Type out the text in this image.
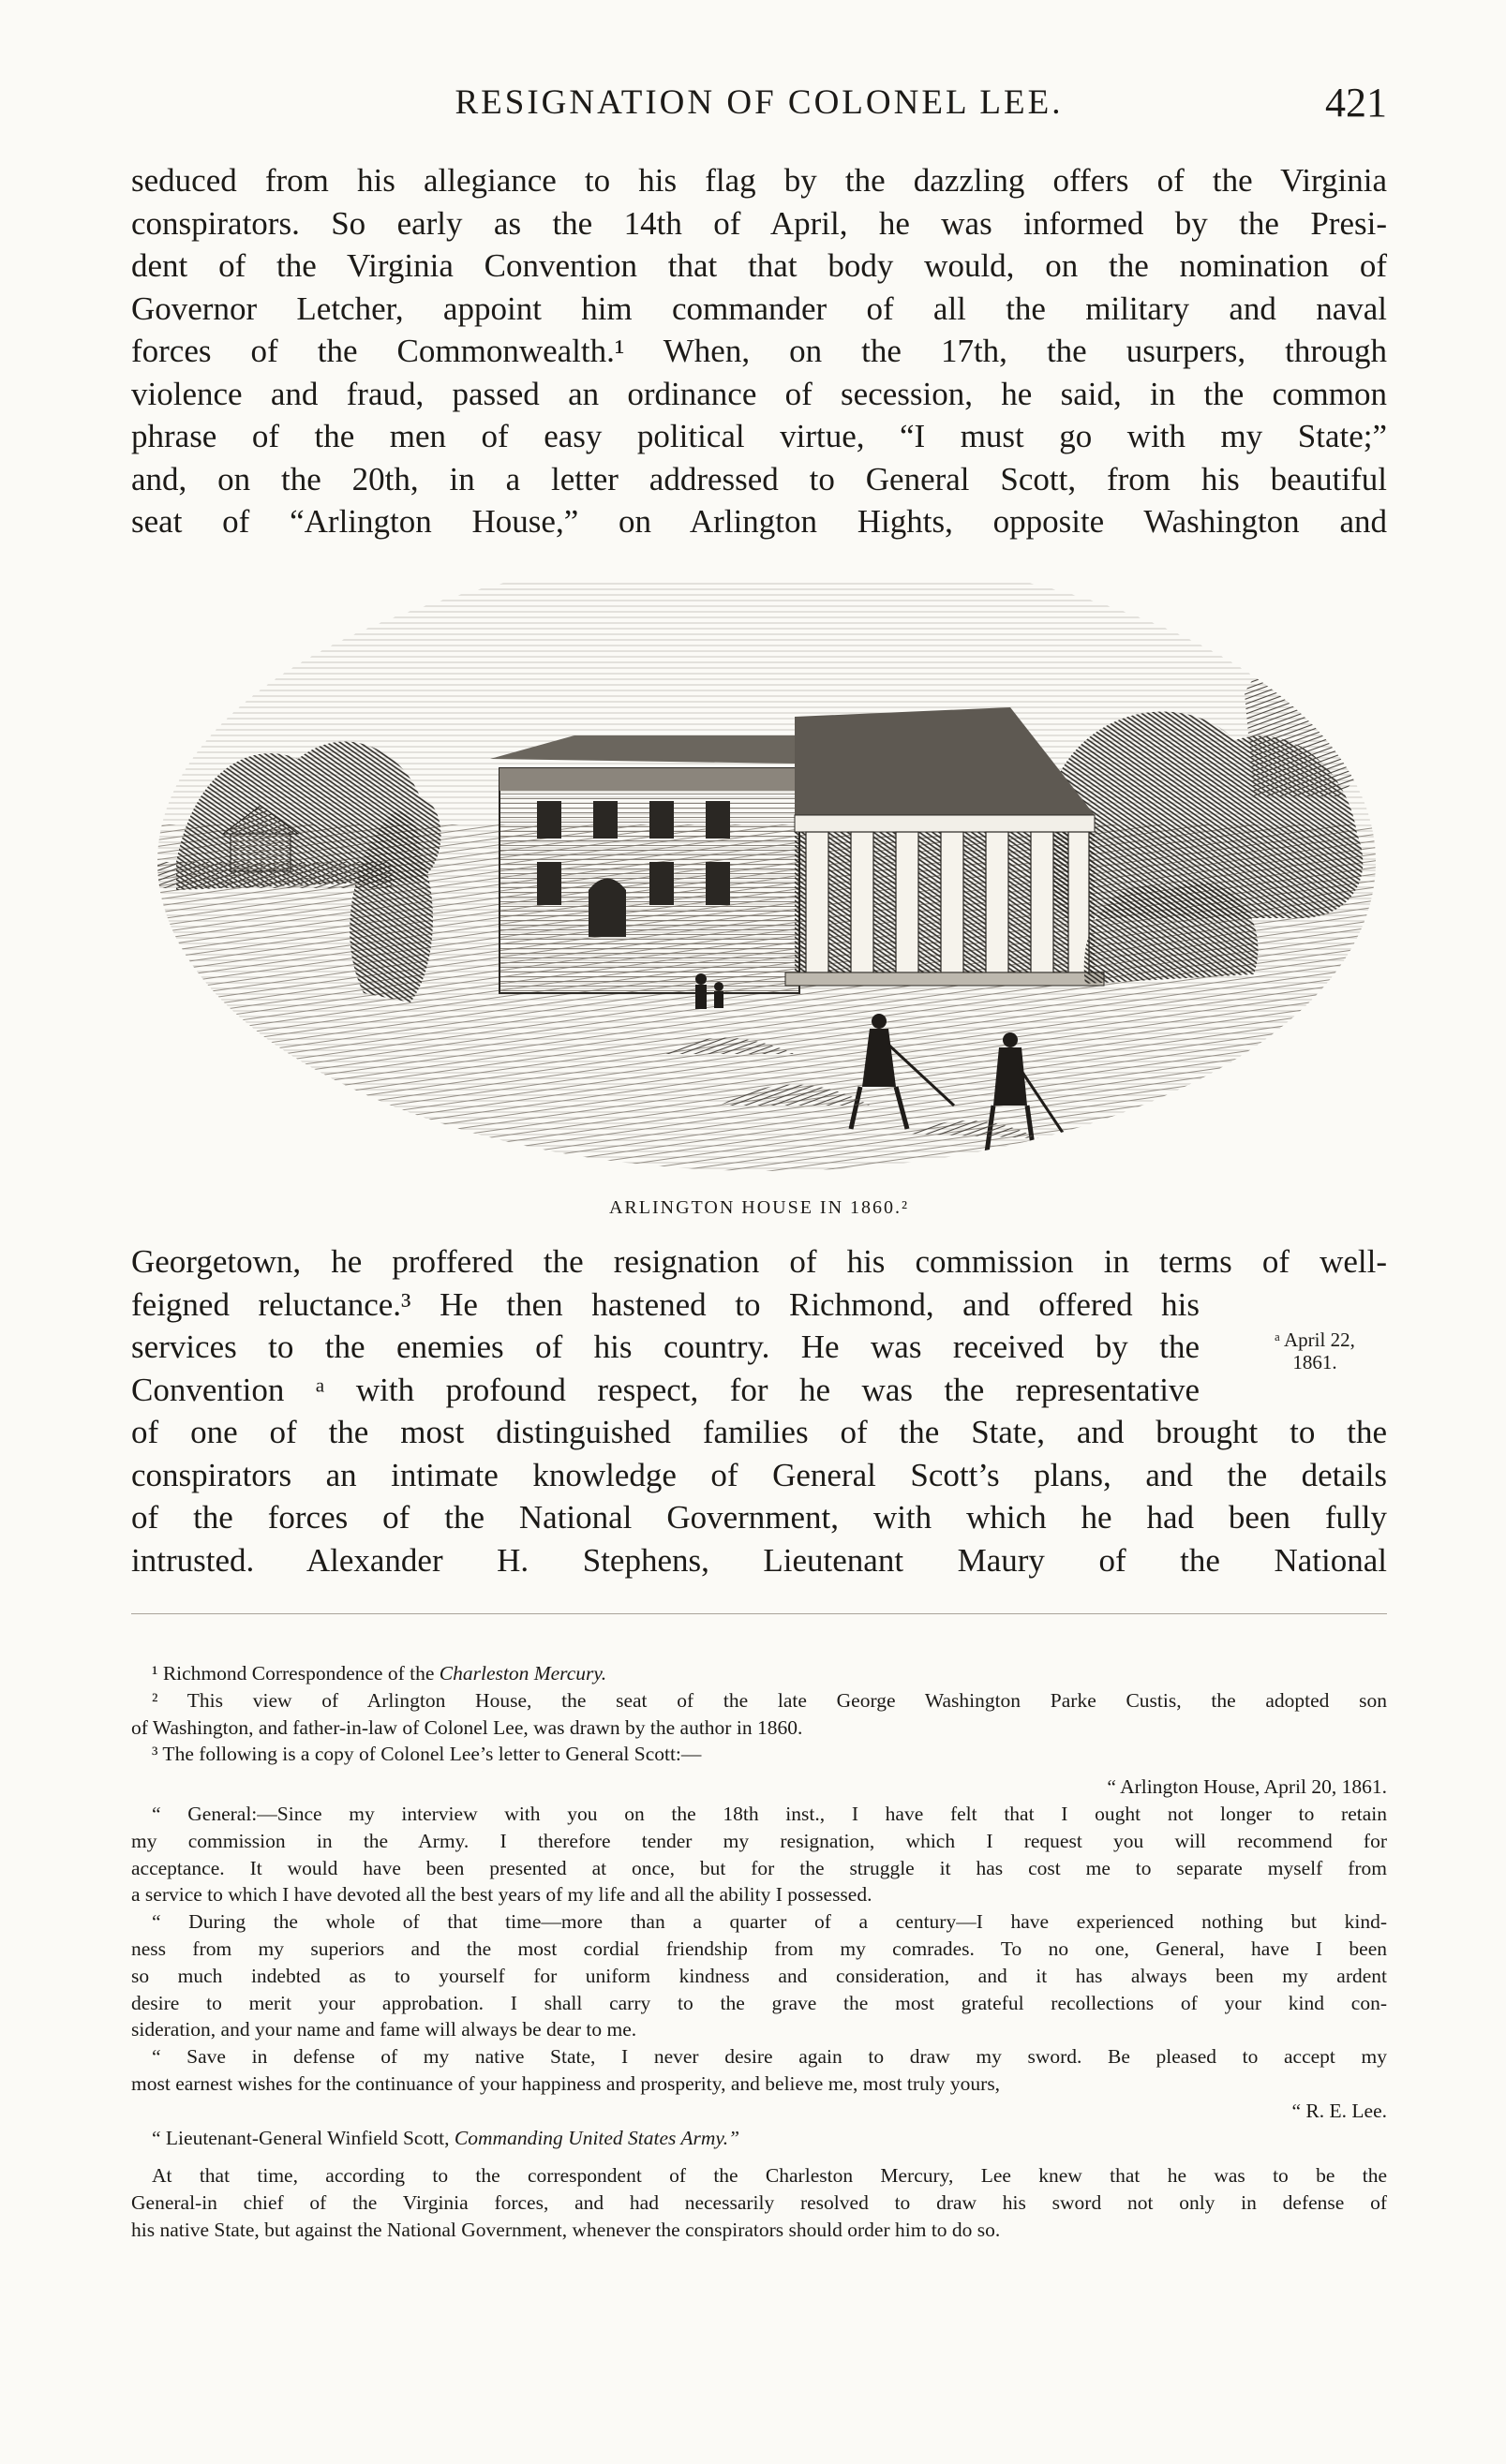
RESIGNATION OF COLONEL LEE.	421
seduced from his allegiance to his flag by the dazzling offers of the Virginia
conspirators. So early as the 14th of April, he was informed by the Presi-
dent of the Virginia Convention that that body would, on the nomination of
Governor Letcher, appoint him commander of all the military and naval
forces of the Commonwealth.¹ When, on the 17th, the usurpers, through
violence and fraud, passed an ordinance of secession, he said, in the common
phrase of the men of easy political virtue, “I must go with my State;”
and, on the 20th, in a letter addressed to General Scott, from his beautiful
seat of “Arlington House,” on Arlington Hights, opposite Washington and
ARLINGTON HOUSE IN 1860.²
Georgetown, he proffered the resignation of his commission in terms of well-
feigned reluctance.³ He then hastened to Richmond, and offered his
services to the enemies of his country. He was received by the
Convention ᵃ with profound respect, for he was the representative
of one of the most distinguished families of the State, and brought to the
conspirators an intimate knowledge of General Scott’s plans, and the details
of the forces of the National Government, with which he had been fully
intrusted. Alexander H. Stephens, Lieutenant Maury of the National
ᵃ April 22,
1861.
¹ Richmond Correspondence of the Charleston Mercury.
² This view of Arlington House, the seat of the late George Washington Parke Custis, the adopted son
of Washington, and father-in-law of Colonel Lee, was drawn by the author in 1860.
³ The following is a copy of Colonel Lee’s letter to General Scott:—
“ Arlington House, April 20, 1861.
“ General:—Since my interview with you on the 18th inst., I have felt that I ought not longer to retain
my commission in the Army. I therefore tender my resignation, which I request you will recommend for
acceptance. It would have been presented at once, but for the struggle it has cost me to separate myself from
a service to which I have devoted all the best years of my life and all the ability I possessed.
“ During the whole of that time—more than a quarter of a century—I have experienced nothing but kind-
ness from my superiors and the most cordial friendship from my comrades. To no one, General, have I been
so much indebted as to yourself for uniform kindness and consideration, and it has always been my ardent
desire to merit your approbation. I shall carry to the grave the most grateful recollections of your kind con-
sideration, and your name and fame will always be dear to me.
“ Save in defense of my native State, I never desire again to draw my sword. Be pleased to accept my
most earnest wishes for the continuance of your happiness and prosperity, and believe me, most truly yours,
“ R. E. Lee.
“ Lieutenant-General Winfield Scott, Commanding United States Army.”
At that time, according to the correspondent of the Charleston Mercury, Lee knew that he was to be the
General-in chief of the Virginia forces, and had necessarily resolved to draw his sword not only in defense of
his native State, but against the National Government, whenever the conspirators should order him to do so.
